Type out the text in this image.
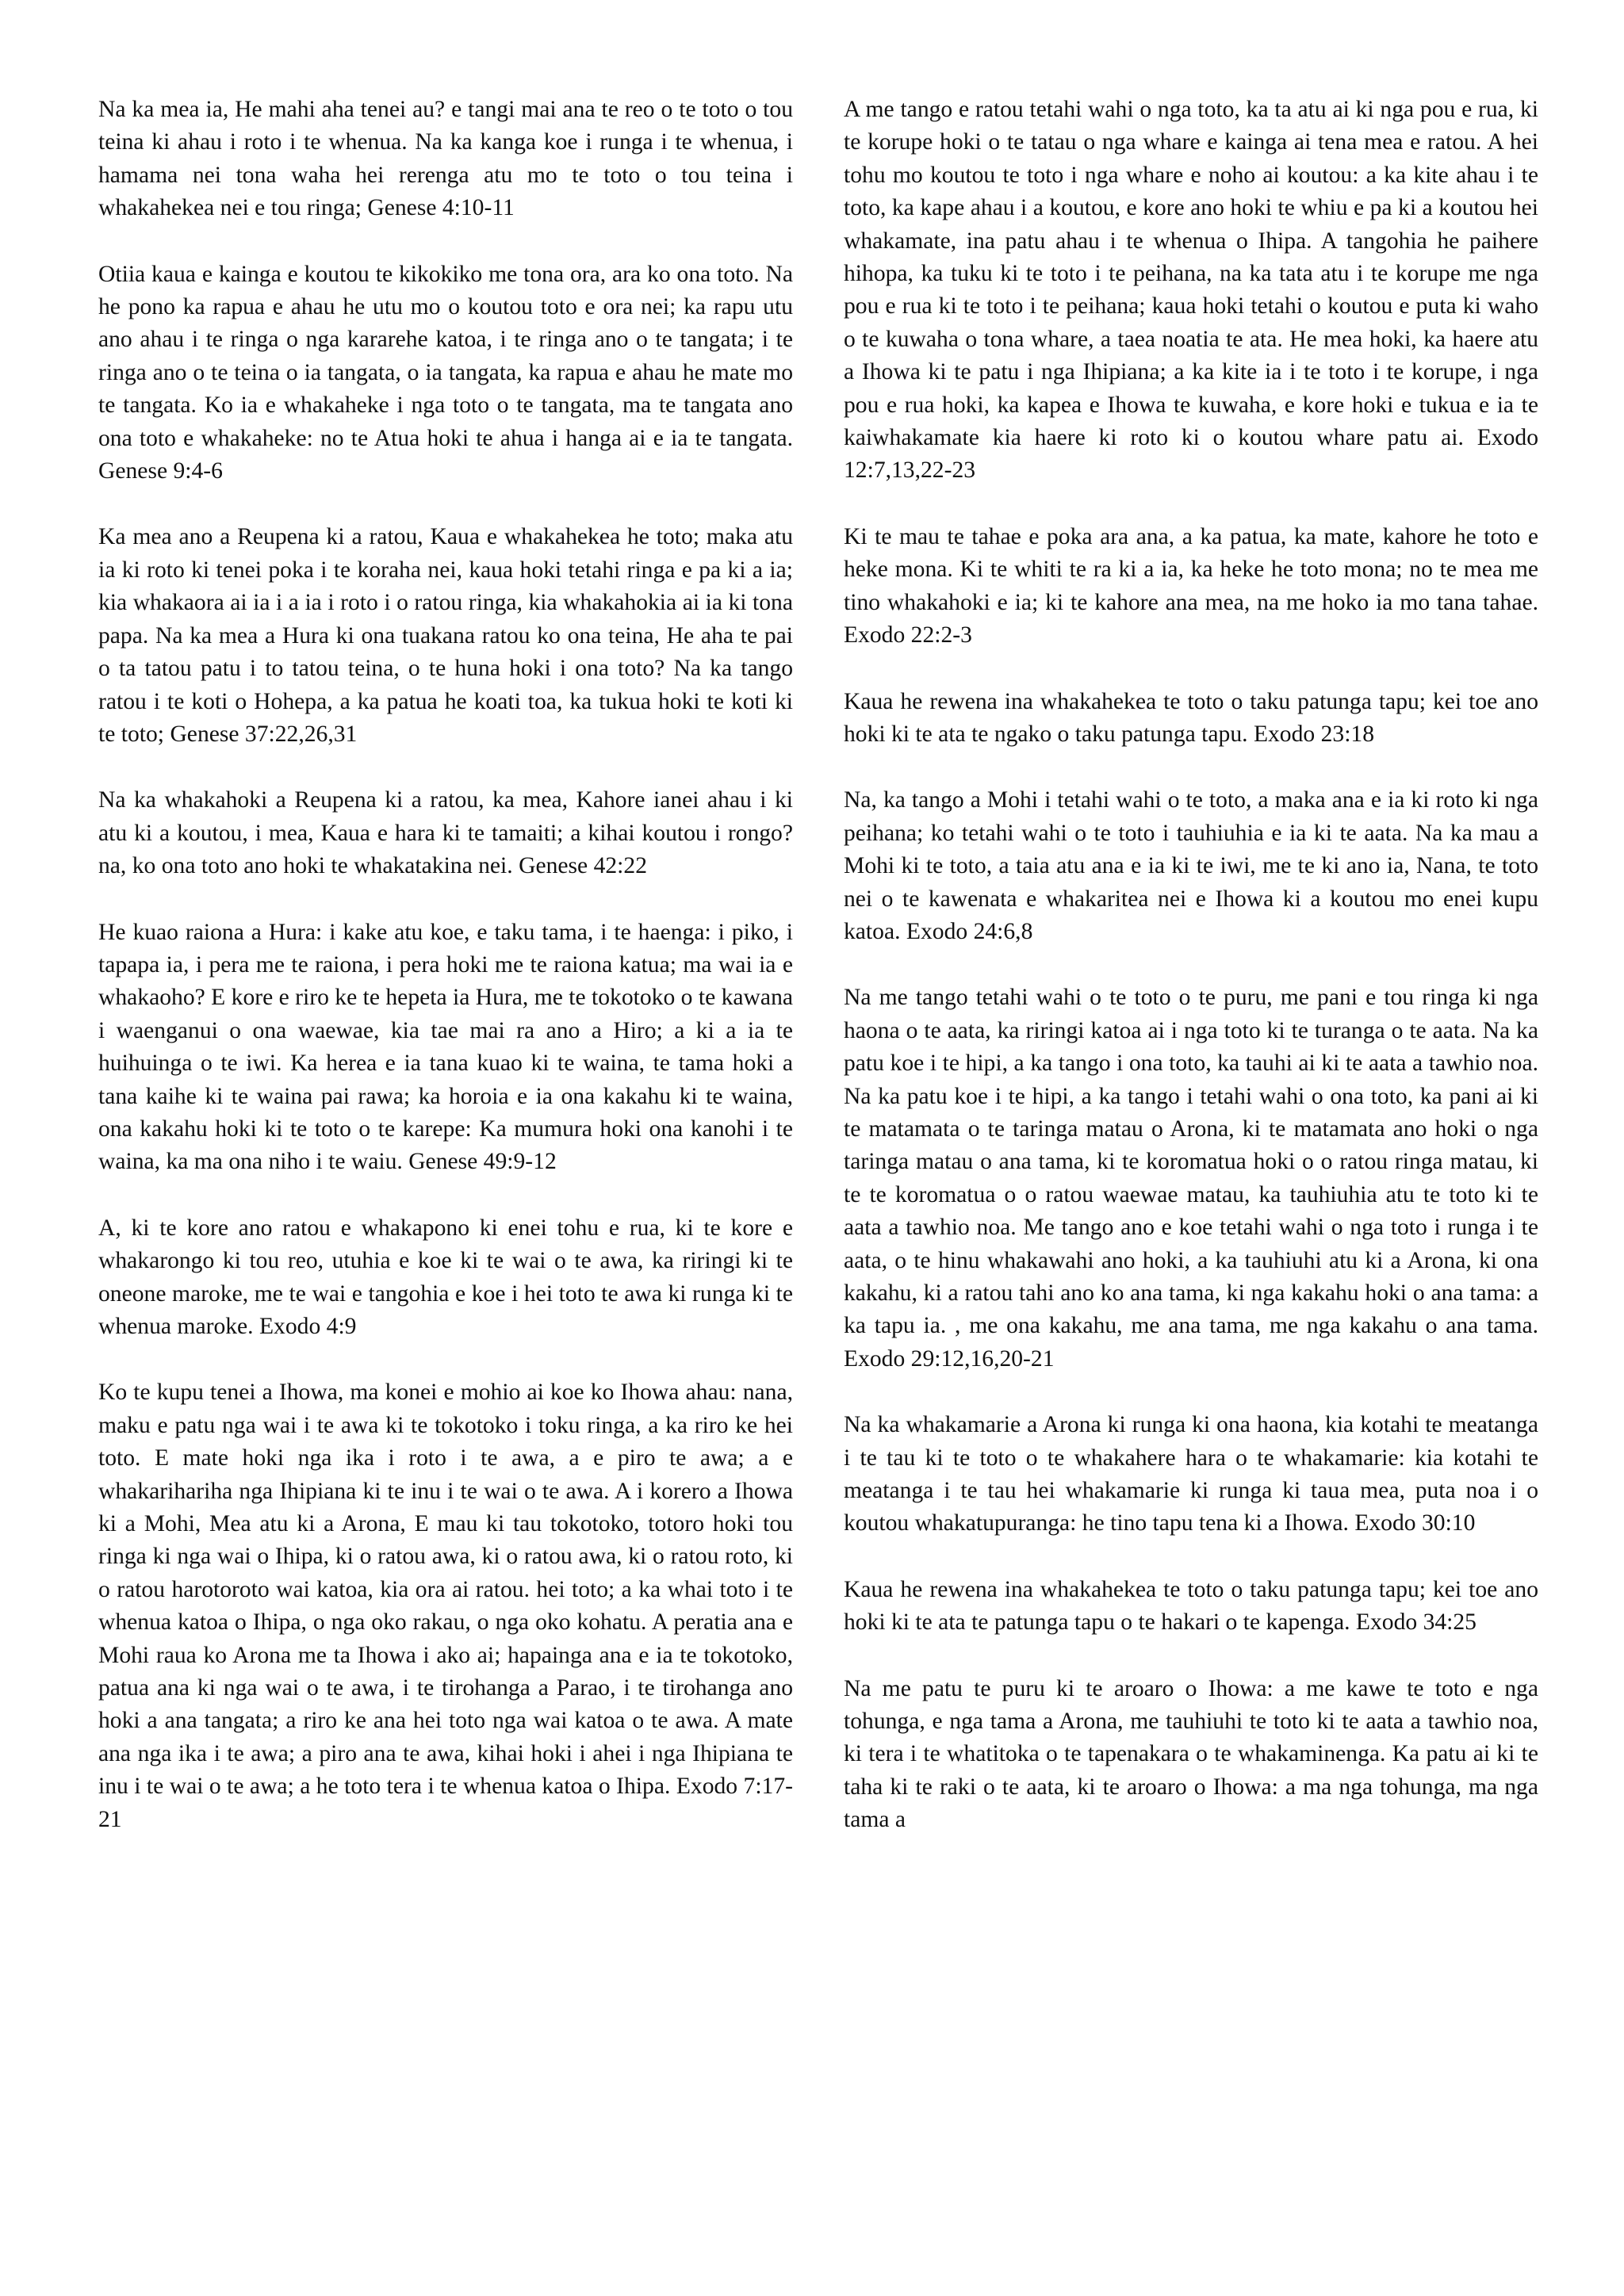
Na ka mea ia, He mahi aha tenei au? e tangi mai ana te reo o te toto o tou teina ki ahau i roto i te whenua. Na ka kanga koe i runga i te whenua, i hamama nei tona waha hei rerenga atu mo te toto o tou teina i whakahekea nei e tou ringa; Genese 4:10-11

Otiia kaua e kainga e koutou te kikokiko me tona ora, ara ko ona toto. Na he pono ka rapua e ahau he utu mo o koutou toto e ora nei; ka rapu utu ano ahau i te ringa o nga kararehe katoa, i te ringa ano o te tangata; i te ringa ano o te teina o ia tangata, o ia tangata, ka rapua e ahau he mate mo te tangata. Ko ia e whakaheke i nga toto o te tangata, ma te tangata ano ona toto e whakaheke: no te Atua hoki te ahua i hanga ai e ia te tangata. Genese 9:4-6

Ka mea ano a Reupena ki a ratou, Kaua e whakahekea he toto; maka atu ia ki roto ki tenei poka i te koraha nei, kaua hoki tetahi ringa e pa ki a ia; kia whakaora ai ia i a ia i roto i o ratou ringa, kia whakahokia ai ia ki tona papa. Na ka mea a Hura ki ona tuakana ratou ko ona teina, He aha te pai o ta tatou patu i to tatou teina, o te huna hoki i ona toto? Na ka tango ratou i te koti o Hohepa, a ka patua he koati toa, ka tukua hoki te koti ki te toto; Genese 37:22,26,31

Na ka whakahoki a Reupena ki a ratou, ka mea, Kahore ianei ahau i ki atu ki a koutou, i mea, Kaua e hara ki te tamaiti; a kihai koutou i rongo? na, ko ona toto ano hoki te whakatakina nei. Genese 42:22

He kuao raiona a Hura: i kake atu koe, e taku tama, i te haenga: i piko, i tapapa ia, i pera me te raiona, i pera hoki me te raiona katua; ma wai ia e whakaoho? E kore e riro ke te hepeta ia Hura, me te tokotoko o te kawana i waenganui o ona waewae, kia tae mai ra ano a Hiro; a ki a ia te huihuinga o te iwi. Ka herea e ia tana kuao ki te waina, te tama hoki a tana kaihe ki te waina pai rawa; ka horoia e ia ona kakahu ki te waina, ona kakahu hoki ki te toto o te karepe: Ka mumura hoki ona kanohi i te waina, ka ma ona niho i te waiu. Genese 49:9-12

A, ki te kore ano ratou e whakapono ki enei tohu e rua, ki te kore e whakarongo ki tou reo, utuhia e koe ki te wai o te awa, ka riringi ki te oneone maroke, me te wai e tangohia e koe i hei toto te awa ki runga ki te whenua maroke. Exodo 4:9

Ko te kupu tenei a Ihowa, ma konei e mohio ai koe ko Ihowa ahau: nana, maku e patu nga wai i te awa ki te tokotoko i toku ringa, a ka riro ke hei toto. E mate hoki nga ika i roto i te awa, a e piro te awa; a e whakarihariha nga Ihipiana ki te inu i te wai o te awa. A i korero a Ihowa ki a Mohi, Mea atu ki a Arona, E mau ki tau tokotoko, totoro hoki tou ringa ki nga wai o Ihipa, ki o ratou awa, ki o ratou awa, ki o ratou roto, ki o ratou harotoroto wai katoa, kia ora ai ratou. hei toto; a ka whai toto i te whenua katoa o Ihipa, o nga oko rakau, o nga oko kohatu. A peratia ana e Mohi raua ko Arona me ta Ihowa i ako ai; hapainga ana e ia te tokotoko, patua ana ki nga wai o te awa, i te tirohanga a Parao, i te tirohanga ano hoki a ana tangata; a riro ke ana hei toto nga wai katoa o te awa. A mate ana nga ika i te awa; a piro ana te awa, kihai hoki i ahei i nga Ihipiana te inu i te wai o te awa; a he toto tera i te whenua katoa o Ihipa. Exodo 7:17-21

A me tango e ratou tetahi wahi o nga toto, ka ta atu ai ki nga pou e rua, ki te korupe hoki o te tatau o nga whare e kainga ai tena mea e ratou. A hei tohu mo koutou te toto i nga whare e noho ai koutou: a ka kite ahau i te toto, ka kape ahau i a koutou, e kore ano hoki te whiu e pa ki a koutou hei whakamate, ina patu ahau i te whenua o Ihipa. A tangohia he paihere hihopa, ka tuku ki te toto i te peihana, na ka tata atu i te korupe me nga pou e rua ki te toto i te peihana; kaua hoki tetahi o koutou e puta ki waho o te kuwaha o tona whare, a taea noatia te ata. He mea hoki, ka haere atu a Ihowa ki te patu i nga Ihipiana; a ka kite ia i te toto i te korupe, i nga pou e rua hoki, ka kapea e Ihowa te kuwaha, e kore hoki e tukua e ia te kaiwhakamate kia haere ki roto ki o koutou whare patu ai. Exodo 12:7,13,22-23

Ki te mau te tahae e poka ara ana, a ka patua, ka mate, kahore he toto e heke mona. Ki te whiti te ra ki a ia, ka heke he toto mona; no te mea me tino whakahoki e ia; ki te kahore ana mea, na me hoko ia mo tana tahae. Exodo 22:2-3

Kaua he rewena ina whakahekea te toto o taku patunga tapu; kei toe ano hoki ki te ata te ngako o taku patunga tapu. Exodo 23:18

Na, ka tango a Mohi i tetahi wahi o te toto, a maka ana e ia ki roto ki nga peihana; ko tetahi wahi o te toto i tauhiuhia e ia ki te aata. Na ka mau a Mohi ki te toto, a taia atu ana e ia ki te iwi, me te ki ano ia, Nana, te toto nei o te kawenata e whakaritea nei e Ihowa ki a koutou mo enei kupu katoa. Exodo 24:6,8

Na me tango tetahi wahi o te toto o te puru, me pani e tou ringa ki nga haona o te aata, ka riringi katoa ai i nga toto ki te turanga o te aata. Na ka patu koe i te hipi, a ka tango i ona toto, ka tauhi ai ki te aata a tawhio noa. Na ka patu koe i te hipi, a ka tango i tetahi wahi o ona toto, ka pani ai ki te matamata o te taringa matau o Arona, ki te matamata ano hoki o nga taringa matau o ana tama, ki te koromatua hoki o o ratou ringa matau, ki te te koromatua o o ratou waewae matau, ka tauhiuhia atu te toto ki te aata a tawhio noa. Me tango ano e koe tetahi wahi o nga toto i runga i te aata, o te hinu whakawahi ano hoki, a ka tauhiuhi atu ki a Arona, ki ona kakahu, ki a ratou tahi ano ko ana tama, ki nga kakahu hoki o ana tama: a ka tapu ia. , me ona kakahu, me ana tama, me nga kakahu o ana tama. Exodo 29:12,16,20-21

Na ka whakamarie a Arona ki runga ki ona haona, kia kotahi te meatanga i te tau ki te toto o te whakahere hara o te whakamarie: kia kotahi te meatanga i te tau hei whakamarie ki runga ki taua mea, puta noa i o koutou whakatupuranga: he tino tapu tena ki a Ihowa. Exodo 30:10

Kaua he rewena ina whakahekea te toto o taku patunga tapu; kei toe ano hoki ki te ata te patunga tapu o te hakari o te kapenga. Exodo 34:25

Na me patu te puru ki te aroaro o Ihowa: a me kawe te toto e nga tohunga, e nga tama a Arona, me tauhiuhi te toto ki te aata a tawhio noa, ki tera i te whatitoka o te tapenakara o te whakaminenga. Ka patu ai ki te taha ki te raki o te aata, ki te aroaro o Ihowa: a ma nga tohunga, ma nga tama a
